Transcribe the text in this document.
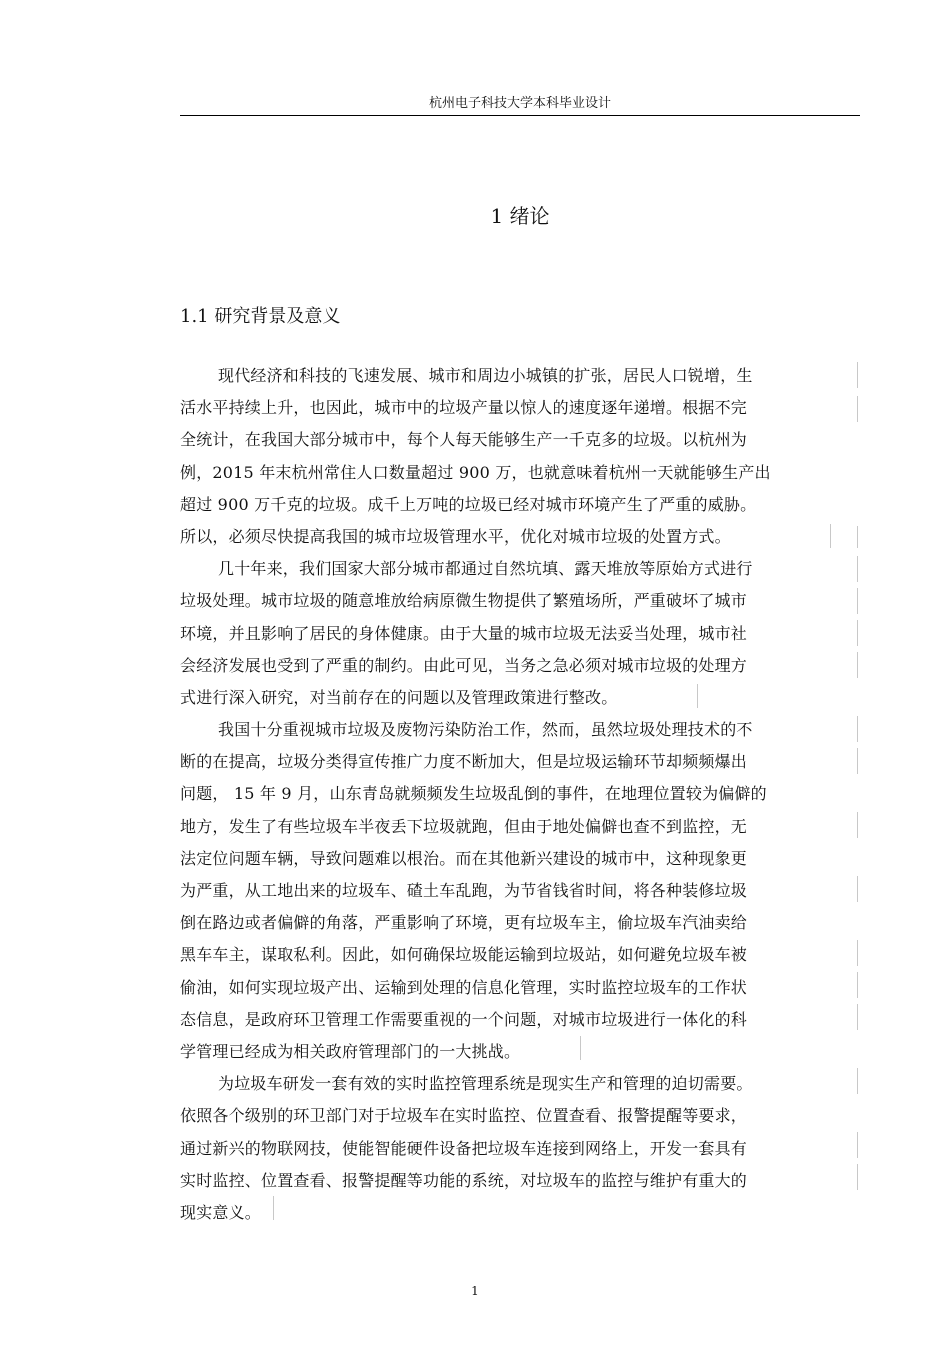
杭州电子科技大学本科毕业设计
1 绪论
1.1 研究背景及意义
现代经济和科技的飞速发展、城市和周边小城镇的扩张，居民人口锐增，生
活水平持续上升，也因此，城市中的垃圾产量以惊人的速度逐年递增。根据不完
全统计，在我国大部分城市中，每个人每天能够生产一千克多的垃圾。以杭州为
例，2015 年末杭州常住人口数量超过 900 万，也就意味着杭州一天就能够生产出
超过 900 万千克的垃圾。成千上万吨的垃圾已经对城市环境产生了严重的威胁。
所以，必须尽快提高我国的城市垃圾管理水平，优化对城市垃圾的处置方式。
几十年来，我们国家大部分城市都通过自然坑填、露天堆放等原始方式进行
垃圾处理。城市垃圾的随意堆放给病原微生物提供了繁殖场所，严重破坏了城市
环境，并且影响了居民的身体健康。由于大量的城市垃圾无法妥当处理，城市社
会经济发展也受到了严重的制约。由此可见，当务之急必须对城市垃圾的处理方
式进行深入研究，对当前存在的问题以及管理政策进行整改。
我国十分重视城市垃圾及废物污染防治工作，然而，虽然垃圾处理技术的不
断的在提高，垃圾分类得宣传推广力度不断加大，但是垃圾运输环节却频频爆出
问题， 15 年 9 月，山东青岛就频频发生垃圾乱倒的事件，在地理位置较为偏僻的
地方，发生了有些垃圾车半夜丢下垃圾就跑，但由于地处偏僻也查不到监控，无
法定位问题车辆，导致问题难以根治。而在其他新兴建设的城市中，这种现象更
为严重，从工地出来的垃圾车、碴土车乱跑，为节省钱省时间，将各种装修垃圾
倒在路边或者偏僻的角落，严重影响了环境，更有垃圾车主，偷垃圾车汽油卖给
黑车车主，谋取私利。因此，如何确保垃圾能运输到垃圾站，如何避免垃圾车被
偷油，如何实现垃圾产出、运输到处理的信息化管理，实时监控垃圾车的工作状
态信息，是政府环卫管理工作需要重视的一个问题，对城市垃圾进行一体化的科
学管理已经成为相关政府管理部门的一大挑战。
为垃圾车研发一套有效的实时监控管理系统是现实生产和管理的迫切需要。
依照各个级别的环卫部门对于垃圾车在实时监控、位置查看、报警提醒等要求，
通过新兴的物联网技，使能智能硬件设备把垃圾车连接到网络上，开发一套具有
实时监控、位置查看、报警提醒等功能的系统，对垃圾车的监控与维护有重大的
现实意义。
1
